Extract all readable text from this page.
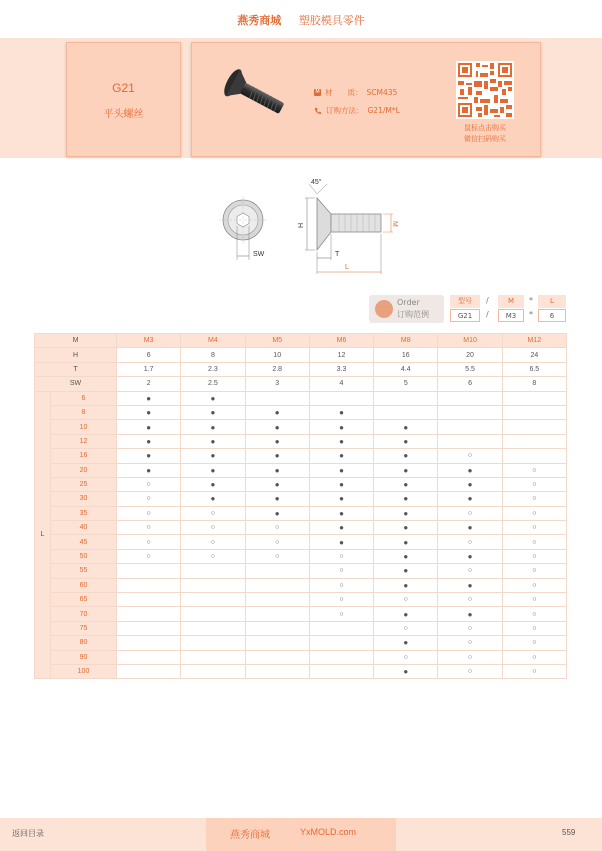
燕秀商城 塑胶模具零件
G21
平头螺丝
M 材　　质： SCM435
订购方法： G21/M*L
鼠标点击购买
微信扫码购买
SW
45°
H	M
T
L
Order
订购范例
型号	/	M	*	L
G21	/	M3	*	6
M		M3	M4	M5	M6	M8	M10	M12
H		6	8	10	12	16	20	24
T		1.7	2.3	2.8	3.3	4.4	5.5	6.5
SW		2	2.5	3	4	5	6	8
L	6	●	●					
	8	●	●	●	●			
	10	●	●	●	●	●		
	12	●	●	●	●	●		
	16	●	●	●	●	●	○	
	20	●	●	●	●	●	●	○
	25	○	●	●	●	●	●	○
	30	○	●	●	●	●	●	○
	35	○	○	●	●	●	○	○
	40	○	○	○	●	●	●	○
	45	○	○	○	●	●	○	○
	50	○	○	○	○	●	●	○
	55				○	●	○	○
	60				○	●	●	○
	65				○	○	○	○
	70				○	●	●	○
	75					○	○	○
	80					●	○	○
	90					○	○	○
	100					●	○	○
返回目录	燕秀商城	YxMOLD.com	559
